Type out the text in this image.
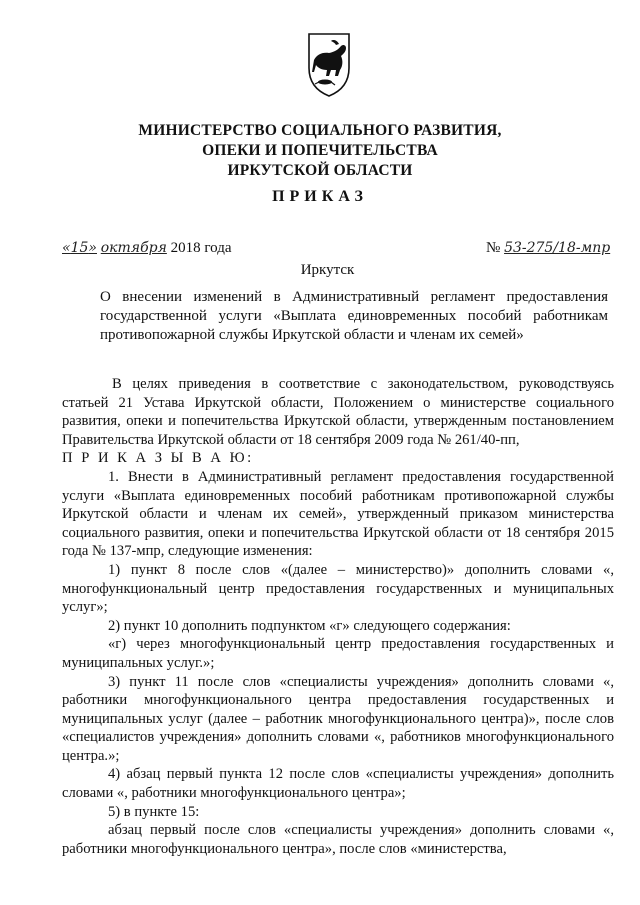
МИНИСТЕРСТВО СОЦИАЛЬНОГО РАЗВИТИЯ,
ОПЕКИ И ПОПЕЧИТЕЛЬСТВА
ИРКУТСКОЙ ОБЛАСТИ
ПРИКАЗ
«15» октября 2018 года	№ 53-275/18-мпр
Иркутск
О внесении изменений в Административный регламент предоставления государственной услуги «Выплата единовременных пособий работникам противопожарной службы Иркутской области и членам их семей»

В целях приведения в соответствие с законодательством, руководствуясь статьей 21 Устава Иркутской области, Положением о министерстве социального развития, опеки и попечительства Иркутской области, утвержденным постановлением Правительства Иркутской области от 18 сентября 2009 года № 261/40-пп,

П Р И К А З Ы В А Ю:

1. Внести в Административный регламент предоставления государственной услуги «Выплата единовременных пособий работникам противопожарной службы Иркутской области и членам их семей», утвержденный приказом министерства социального развития, опеки и попечительства Иркутской области от 18 сентября 2015 года № 137-мпр, следующие изменения:

1) пункт 8 после слов «(далее – министерство)» дополнить словами «, многофункциональный центр предоставления государственных и муниципальных услуг»;

2) пункт 10 дополнить подпунктом «г» следующего содержания:

«г) через многофункциональный центр предоставления государственных и муниципальных услуг.»;

3) пункт 11 после слов «специалисты учреждения» дополнить словами «, работники многофункционального центра предоставления государственных и муниципальных услуг (далее – работник многофункционального центра)», после слов «специалистов учреждения» дополнить словами «, работников многофункционального центра.»;

4) абзац первый пункта 12 после слов «специалисты учреждения» дополнить словами «, работники многофункционального центра»;

5) в пункте 15:

абзац первый после слов «специалисты учреждения» дополнить словами «, работники многофункционального центра», после слов «министерства,
